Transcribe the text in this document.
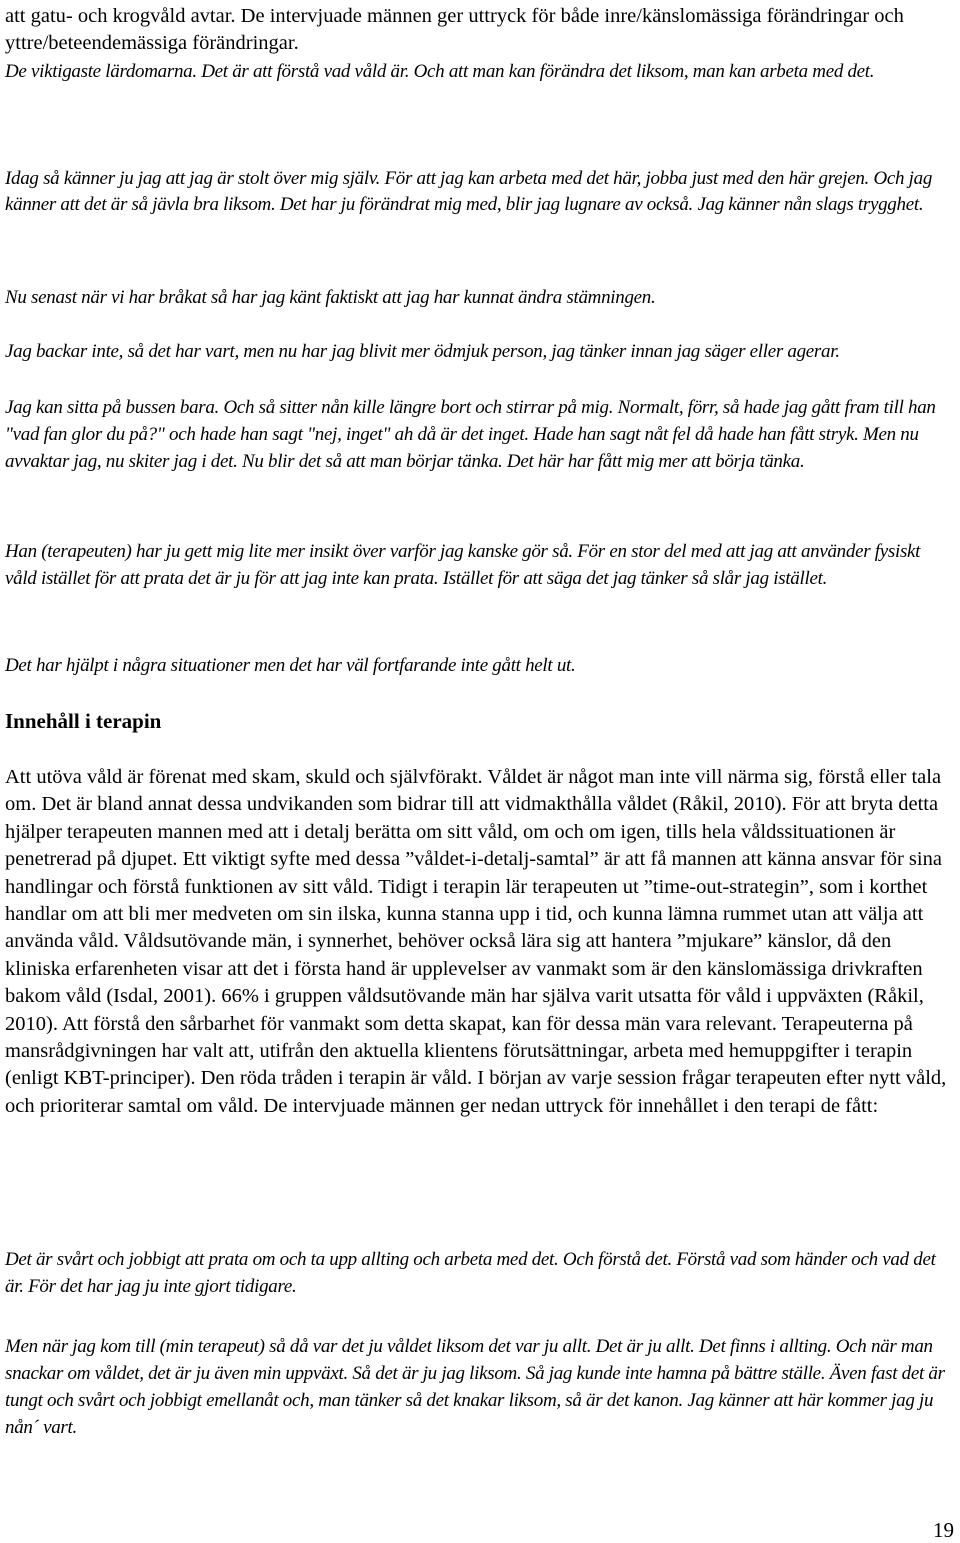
att gatu- och krogvåld avtar. De intervjuade männen ger uttryck för både inre/känslomässiga förändringar och yttre/beteendemässiga förändringar.

De viktigaste lärdomarna. Det är att förstå vad våld är. Och att man kan förändra det liksom, man kan arbeta med det.

Idag så känner ju jag att jag är stolt över mig själv. För att jag kan arbeta med det här, jobba just med den här grejen. Och jag känner att det är så jävla bra liksom. Det har ju förändrat mig med, blir jag lugnare av också. Jag känner nån slags trygghet.

Nu senast när vi har bråkat så har jag känt faktiskt att jag har kunnat ändra stämningen.

Jag backar inte, så det har vart, men nu har jag blivit mer ödmjuk person, jag tänker innan jag säger eller agerar.

Jag kan sitta på bussen bara. Och så sitter nån kille längre bort och stirrar på mig. Normalt, förr, så hade jag gått fram till han "vad fan glor du på?" och hade han sagt "nej, inget" ah då är det inget. Hade han sagt nåt fel då hade han fått stryk. Men nu avvaktar jag, nu skiter jag i det. Nu blir det så att man börjar tänka. Det här har fått mig mer att börja tänka.

Han (terapeuten) har ju gett mig lite mer insikt över varför jag kanske gör så. För en stor del med att jag att använder fysiskt våld istället för att prata det är ju för att jag inte kan prata. Istället för att säga det jag tänker så slår jag istället.

Det har hjälpt i några situationer men det har väl fortfarande inte gått helt ut.

Innehåll i terapin

Att utöva våld är förenat med skam, skuld och självförakt. Våldet är något man inte vill närma sig, förstå eller tala om. Det är bland annat dessa undvikanden som bidrar till att vidmakthålla våldet (Råkil, 2010). För att bryta detta hjälper terapeuten mannen med att i detalj berätta om sitt våld, om och om igen, tills hela våldssituationen är penetrerad på djupet. Ett viktigt syfte med dessa ”våldet-i-detalj-samtal” är att få mannen att känna ansvar för sina handlingar och förstå funktionen av sitt våld. Tidigt i terapin lär terapeuten ut ”time-out-strategin”, som i korthet handlar om att bli mer medveten om sin ilska, kunna stanna upp i tid, och kunna lämna rummet utan att välja att använda våld. Våldsutövande män, i synnerhet, behöver också lära sig att hantera ”mjukare” känslor, då den kliniska erfarenheten visar att det i första hand är upplevelser av vanmakt som är den känslomässiga drivkraften bakom våld (Isdal, 2001). 66% i gruppen våldsutövande män har själva varit utsatta för våld i uppväxten (Råkil, 2010). Att förstå den sårbarhet för vanmakt som detta skapat, kan för dessa män vara relevant. Terapeuterna på mansrådgivningen har valt att, utifrån den aktuella klientens förutsättningar, arbeta med hemuppgifter i terapin (enligt KBT-principer). Den röda tråden i terapin är våld. I början av varje session frågar terapeuten efter nytt våld, och prioriterar samtal om våld. De intervjuade männen ger nedan uttryck för innehållet i den terapi de fått:

Det är svårt och jobbigt att prata om och ta upp allting och arbeta med det. Och förstå det. Förstå vad som händer och vad det är. För det har jag ju inte gjort tidigare.

Men när jag kom till (min terapeut) så då var det ju våldet liksom det var ju allt. Det är ju allt. Det finns i allting. Och när man snackar om våldet, det är ju även min uppväxt. Så det är ju jag liksom. Så jag kunde inte hamna på bättre ställe. Även fast det är tungt och svårt och jobbigt emellanåt och, man tänker så det knakar liksom, så är det kanon. Jag känner att här kommer jag ju nån´ vart.

19
